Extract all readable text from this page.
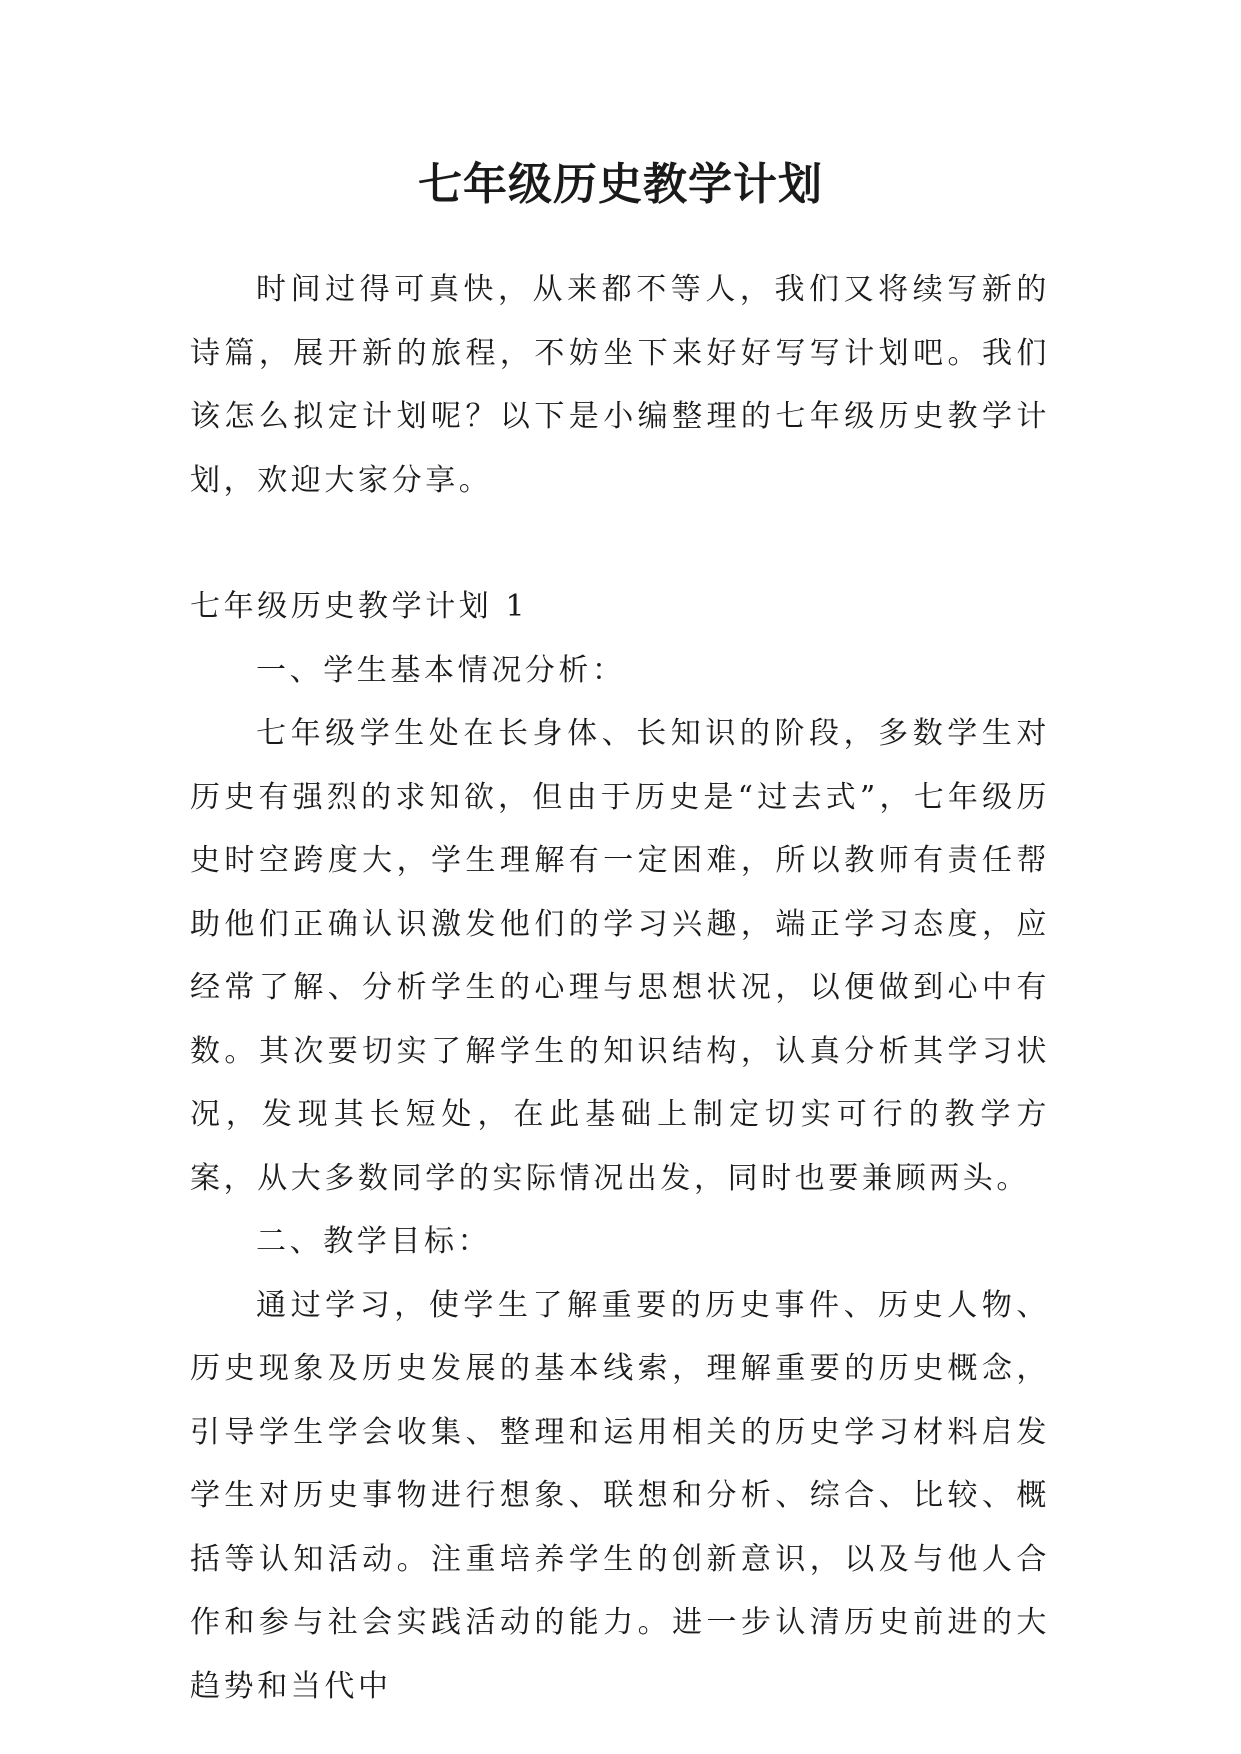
七年级历史教学计划

时间过得可真快，从来都不等人，我们又将续写新的诗篇，展开新的旅程，不妨坐下来好好写写计划吧。我们该怎么拟定计划呢？以下是小编整理的七年级历史教学计划，欢迎大家分享。

七年级历史教学计划 1

一、学生基本情况分析：

七年级学生处在长身体、长知识的阶段，多数学生对历史有强烈的求知欲，但由于历史是“过去式”，七年级历史时空跨度大，学生理解有一定困难，所以教师有责任帮助他们正确认识激发他们的学习兴趣，端正学习态度，应经常了解、分析学生的心理与思想状况，以便做到心中有数。其次要切实了解学生的知识结构，认真分析其学习状况，发现其长短处，在此基础上制定切实可行的教学方案，从大多数同学的实际情况出发，同时也要兼顾两头。

二、教学目标：

通过学习，使学生了解重要的历史事件、历史人物、历史现象及历史发展的基本线索，理解重要的历史概念，引导学生学会收集、整理和运用相关的历史学习材料启发学生对历史事物进行想象、联想和分析、综合、比较、概括等认知活动。注重培养学生的创新意识，以及与他人合作和参与社会实践活动的能力。进一步认清历史前进的大趋势和当代中
